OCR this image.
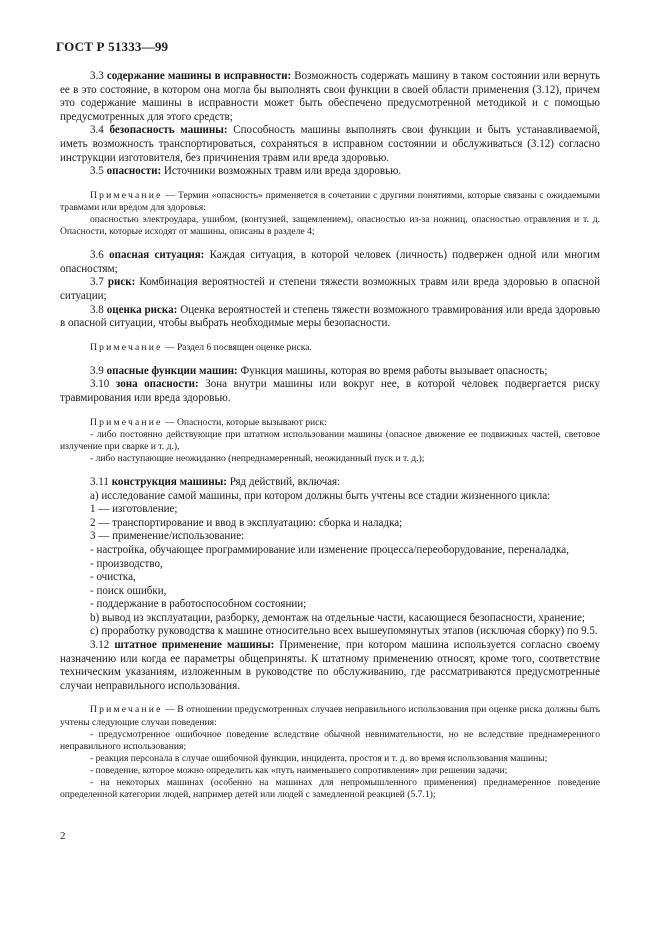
ГОСТ Р 51333—99

3.3 содержание машины в исправности: Возможность содержать машину в таком состоянии или вернуть ее в это состояние, в котором она могла бы выполнять свои функции в своей области применения (3.12), причем это содержание машины в исправности может быть обеспечено предусмотренной методикой и с помощью предусмотренных для этого средств;

3.4 безопасность машины: Способность машины выполнять свои функции и быть устанавливаемой, иметь возможность транспортироваться, сохраняться в исправном состоянии и обслуживаться (3.12) согласно инструкции изготовителя, без причинения травм или вреда здоровью.

3.5 опасности: Источники возможных травм или вреда здоровью.

Примечание — Термин «опасность» применяется в сочетании с другими понятиями, которые связаны с ожидаемыми травмами или вредом для здоровья:

опасностью электроудара, ушибом, (контузией, защемлением), опасностью из-за ножниц, опасностью отравления и т. д. Опасности, которые исходят от машины, описаны в разделе 4;

3.6 опасная ситуация: Каждая ситуация, в которой человек (личность) подвержен одной или многим опасностям;

3.7 риск: Комбинация вероятностей и степени тяжести возможных травм или вреда здоровью в опасной ситуации;

3.8 оценка риска: Оценка вероятностей и степень тяжести возможного травмирования или вреда здоровью в опасной ситуации, чтобы выбрать необходимые меры безопасности.

Примечание — Раздел 6 посвящен оценке риска.

3.9 опасные функции машин: Функция машины, которая во время работы вызывает опасность;

3.10 зона опасности: Зона внутри машины или вокруг нее, в которой человек подвергается риску травмирования или вреда здоровью.

Примечание — Опасности, которые вызывают риск:

- либо постоянно действующие при штатном использовании машины (опасное движение ее подвижных частей, световое излучение при сварке и т. д.),

- либо наступающие неожиданно (непреднамеренный, неожиданный пуск и т. д.);

3.11 конструкция машины: Ряд действий, включая:

а) исследование самой машины, при котором должны быть учтены все стадии жизненного цикла:

1 — изготовление;

2 — транспортирование и ввод в эксплуатацию: сборка и наладка;

3 — применение/использование:

- настройка, обучающее программирование или изменение процесса/переоборудование, переналадка,

- производство,

- очистка,

- поиск ошибки,

- поддержание в работоспособном состоянии;

b) вывод из эксплуатации, разборку, демонтаж на отдельные части, касающиеся безопасности, хранение;

с) проработку руководства к машине относительно всех вышеупомянутых этапов (исключая сборку) по 9.5.

3.12 штатное применение машины: Применение, при котором машина используется согласно своему назначению или когда ее параметры общеприняты. К штатному применению относят, кроме того, соответствие техническим указаниям, изложенным в руководстве по обслуживанию, где рассматриваются предусмотренные случаи неправильного использования.

Примечание — В отношении предусмотренных случаев неправильного использования при оценке риска должны быть учтены следующие случаи поведения:

- предусмотренное ошибочное поведение вследствие обычной невнимательности, но не вследствие преднамеренного неправильного использования;

- реакция персонала в случае ошибочной функции, инцидента, простоя и т. д. во время использования машины;

- поведение, которое можно определить как «путь наименьшего сопротивления» при решении задачи;

- на некоторых машинах (особенно на машинах для непромышленного применения) преднамеренное поведение определенной категории людей, например детей или людей с замедленной реакцией (5.7.1);

2
